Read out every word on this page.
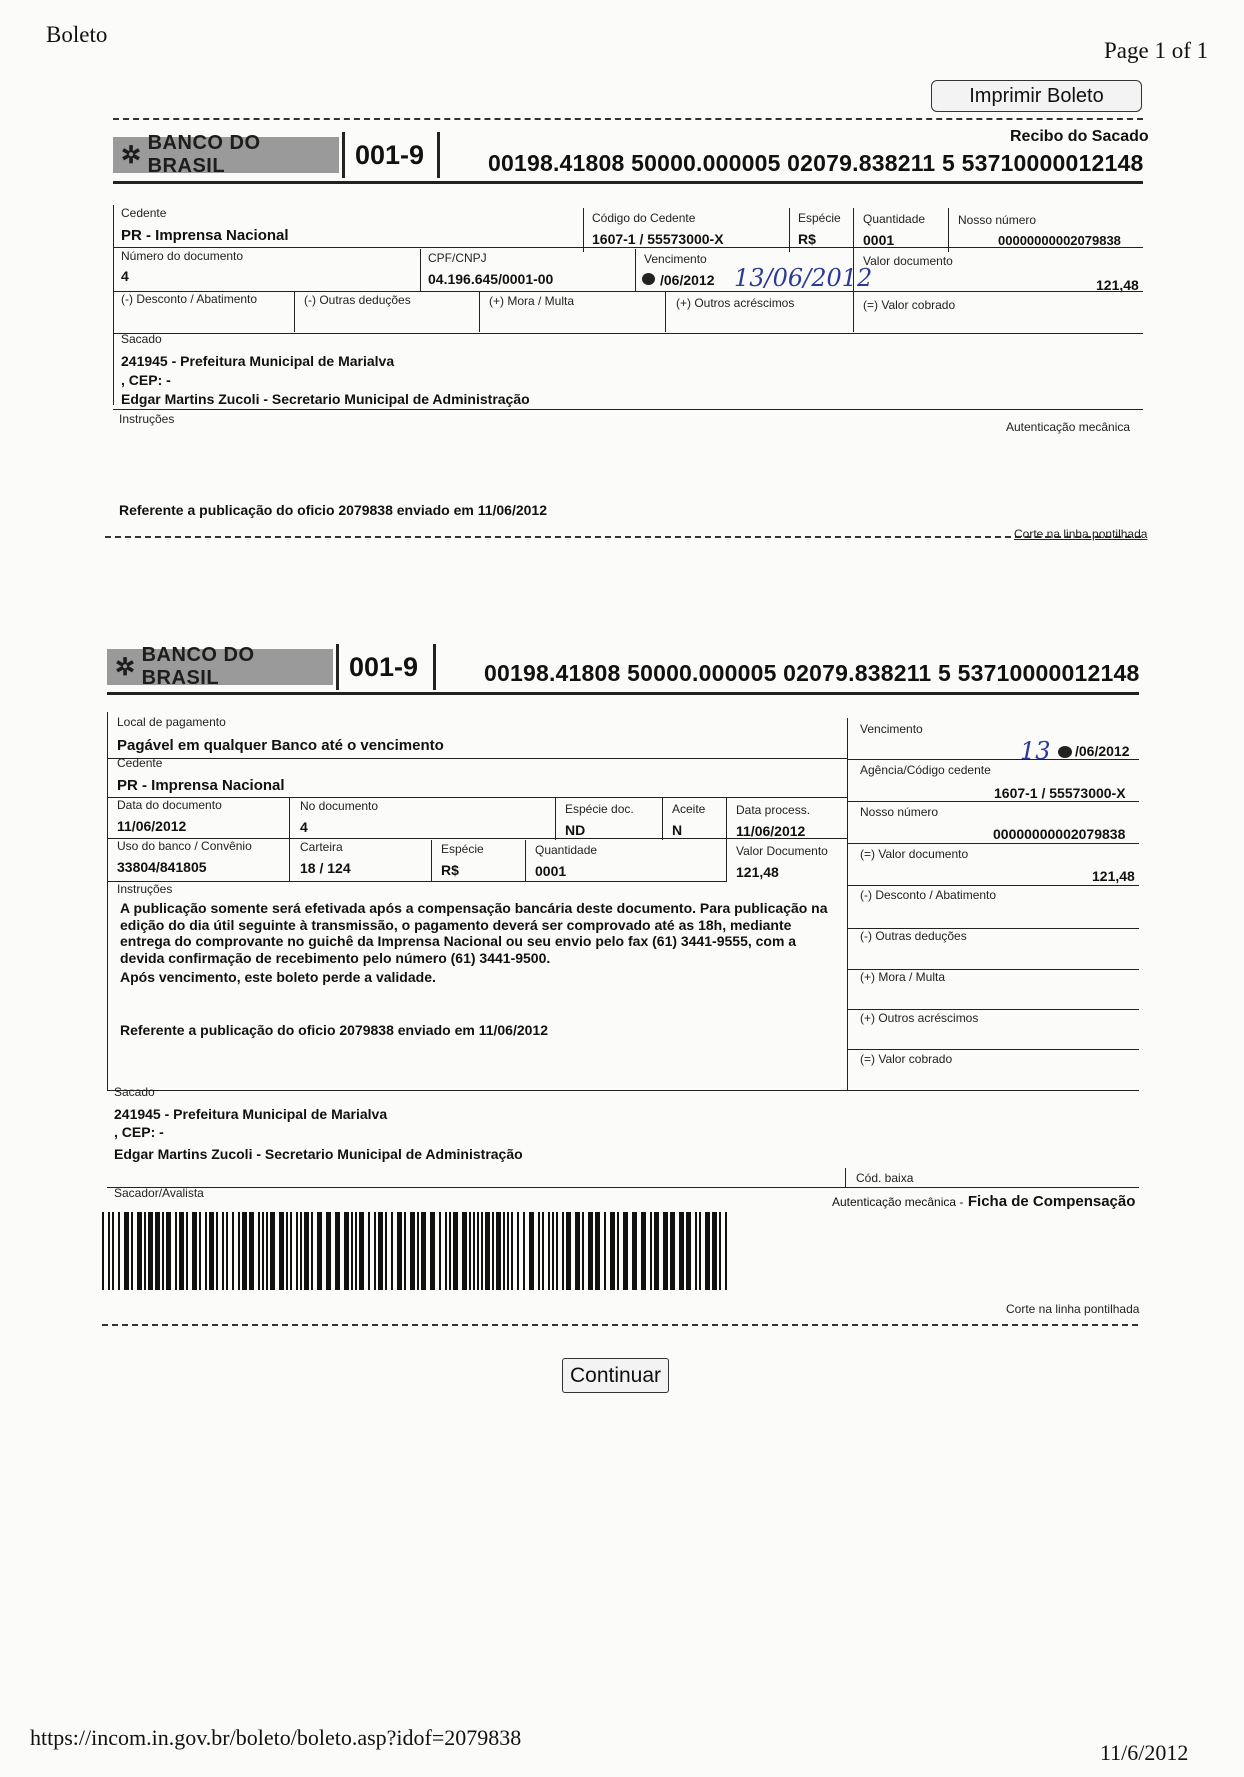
Boleto
Page 1 of 1
Imprimir Boleto
Recibo do Sacado
✲ BANCO DO BRASIL	001-9	00198.41808 50000.000005 02079.838211 5 53710000012148
Cedente
PR - Imprensa Nacional
Código do Cedente
1607-1 / 55573000-X
Espécie
R$
Quantidade
0001
Nosso número
00000000002079838
Número do documento
4
CPF/CNPJ
04.196.645/0001-00
Vencimento
/06/2012 13/06/2012
Valor documento
121,48
(-) Desconto / Abatimento	(-) Outras deduções	(+) Mora / Multa	(+) Outros acréscimos	(=) Valor cobrado
Sacado
241945 - Prefeitura Municipal de Marialva
, CEP: -
Edgar Martins Zucoli - Secretario Municipal de Administração
Instruções
Autenticação mecânica
Referente a publicação do oficio 2079838 enviado em 11/06/2012
Corte na linha pontilhada
✲ BANCO DO BRASIL	001-9	00198.41808 50000.000005 02079.838211 5 53710000012148
Local de pagamento
Pagável em qualquer Banco até o vencimento
Vencimento
13 /06/2012
Cedente
PR - Imprensa Nacional
Agência/Código cedente
1607-1 / 55573000-X
Data do documento
11/06/2012
No documento
4
Espécie doc.
ND
Aceite
N
Data process.
11/06/2012
Nosso número
00000000002079838
Uso do banco / Convênio
33804/841805
Carteira
18 / 124
Espécie
R$
Quantidade
0001
Valor Documento
121,48
(=) Valor documento
121,48
Instruções
A publicação somente será efetivada após a compensação bancária deste documento. Para publicação na edição do dia útil seguinte à transmissão, o pagamento deverá ser comprovado até as 18h, mediante entrega do comprovante no guichê da Imprensa Nacional ou seu envio pelo fax (61) 3441-9555, com a devida confirmação de recebimento pelo número (61) 3441-9500.
Após vencimento, este boleto perde a validade.
Referente a publicação do oficio 2079838 enviado em 11/06/2012
(-) Desconto / Abatimento
(-) Outras deduções
(+) Mora / Multa
(+) Outros acréscimos
(=) Valor cobrado
Sacado
241945 - Prefeitura Municipal de Marialva
, CEP: -
Edgar Martins Zucoli - Secretario Municipal de Administração
Cód. baixa
Sacador/Avalista
Autenticação mecânica - Ficha de Compensação
Corte na linha pontilhada
Continuar
https://incom.in.gov.br/boleto/boleto.asp?idof=2079838
11/6/2012
